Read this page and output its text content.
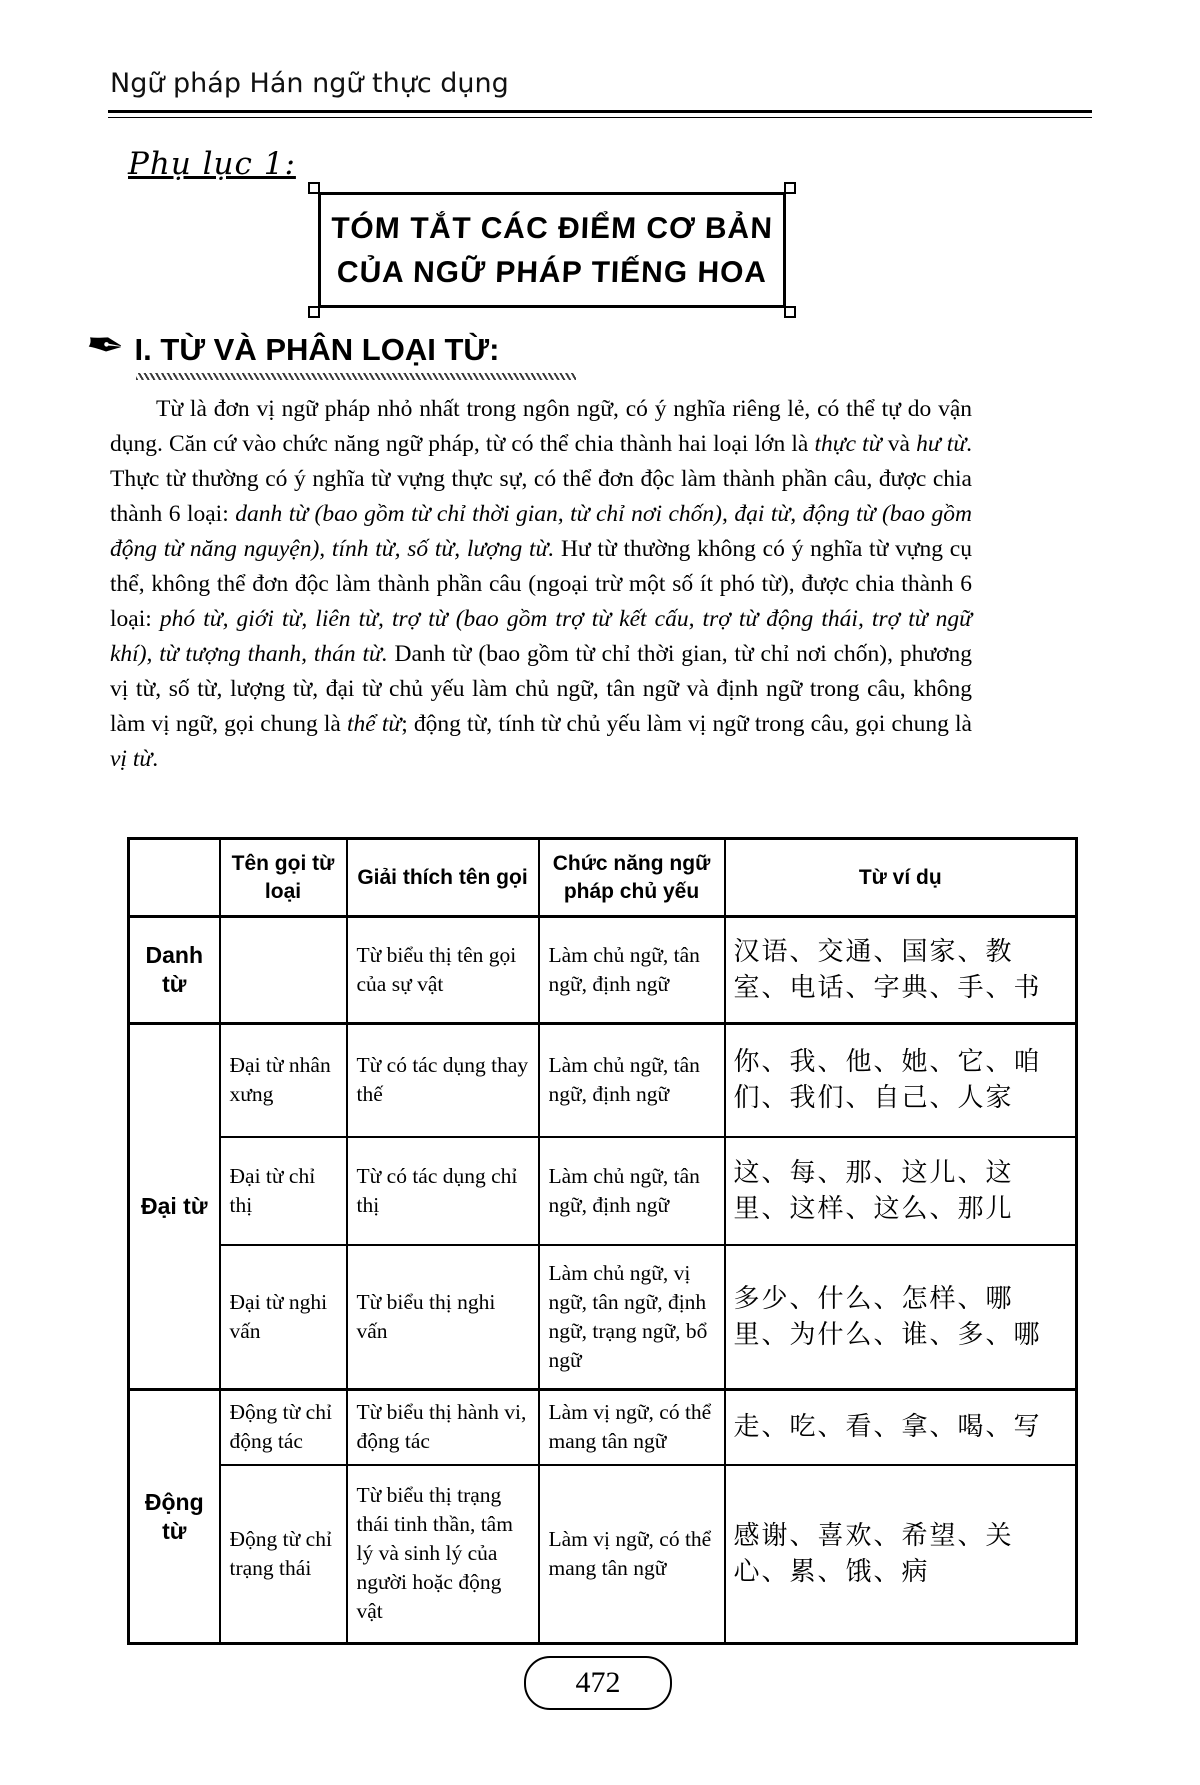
Ngữ pháp Hán ngữ thực dụng
Phụ lục 1:
TÓM TẮT CÁC ĐIỂM CƠ BẢN
CỦA NGỮ PHÁP TIẾNG HOA
✒ I. TỪ VÀ PHÂN LOẠI TỪ:
Từ là đơn vị ngữ pháp nhỏ nhất trong ngôn ngữ, có ý nghĩa riêng lẻ, có thể tự do vận dụng. Căn cứ vào chức năng ngữ pháp, từ có thể chia thành hai loại lớn là thực từ và hư từ. Thực từ thường có ý nghĩa từ vựng thực sự, có thể đơn độc làm thành phần câu, được chia thành 6 loại: danh từ (bao gồm từ chỉ thời gian, từ chỉ nơi chốn), đại từ, động từ (bao gồm động từ năng nguyện), tính từ, số từ, lượng từ. Hư từ thường không có ý nghĩa từ vựng cụ thể, không thể đơn độc làm thành phần câu (ngoại trừ một số ít phó từ), được chia thành 6 loại: phó từ, giới từ, liên từ, trợ từ (bao gồm trợ từ kết cấu, trợ từ động thái, trợ từ ngữ khí), từ tượng thanh, thán từ. Danh từ (bao gồm từ chỉ thời gian, từ chỉ nơi chốn), phương vị từ, số từ, lượng từ, đại từ chủ yếu làm chủ ngữ, tân ngữ và định ngữ trong câu, không làm vị ngữ, gọi chung là thể từ; động từ, tính từ chủ yếu làm vị ngữ trong câu, gọi chung là vị từ.
	Tên gọi từ loại	Giải thích tên gọi	Chức năng ngữ pháp chủ yếu	Từ ví dụ
Danh từ		Từ biểu thị tên gọi của sự vật	Làm chủ ngữ, tân ngữ, định ngữ	汉语、交通、国家、教室、电话、字典、手、书
Đại từ	Đại từ nhân xưng	Từ có tác dụng thay thế	Làm chủ ngữ, tân ngữ, định ngữ	你、我、他、她、它、咱们、我们、自己、人家
	Đại từ chỉ thị	Từ có tác dụng chỉ thị	Làm chủ ngữ, tân ngữ, định ngữ	这、每、那、这儿、这里、这样、这么、那儿
	Đại từ nghi vấn	Từ biểu thị nghi vấn	Làm chủ ngữ, vị ngữ, tân ngữ, định ngữ, trạng ngữ, bổ ngữ	多少、什么、怎样、哪里、为什么、谁、多、哪
Động từ	Động từ chỉ động tác	Từ biểu thị hành vi, động tác	Làm vị ngữ, có thể mang tân ngữ	走、吃、看、拿、喝、写
	Động từ chỉ trạng thái	Từ biểu thị trạng thái tinh thần, tâm lý và sinh lý của người hoặc động vật	Làm vị ngữ, có thể mang tân ngữ	感谢、喜欢、希望、关心、累、饿、病
472
